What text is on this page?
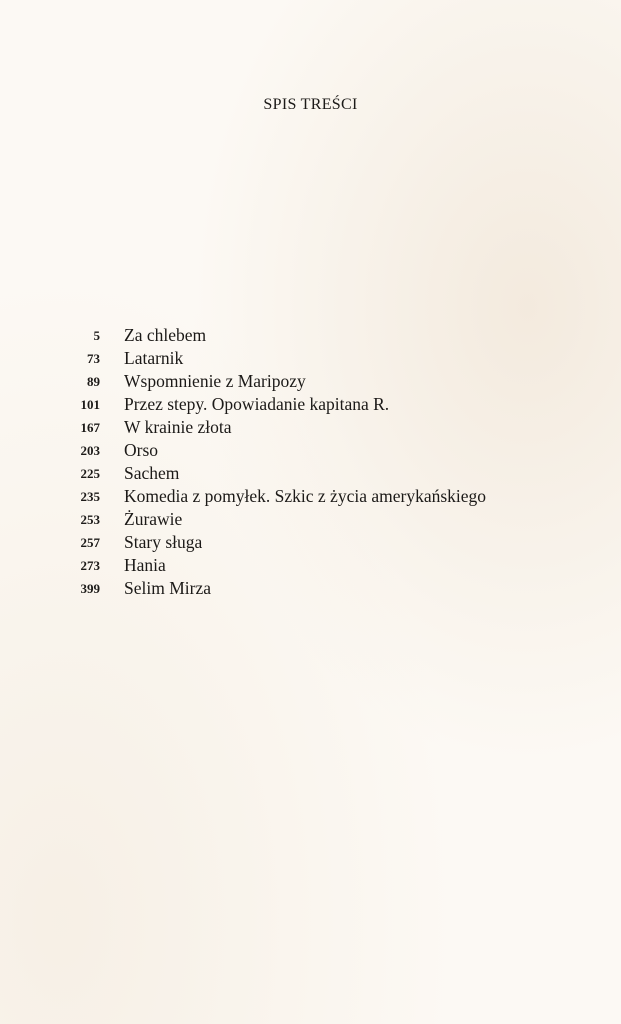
SPIS TREŚCI
5 Za chlebem
73 Latarnik
89 Wspomnienie z Maripozy
101 Przez stepy. Opowiadanie kapitana R.
167 W krainie złota
203 Orso
225 Sachem
235 Komedia z pomyłek. Szkic z życia amerykańskiego
253 Żurawie
257 Stary sługa
273 Hania
399 Selim Mirza
